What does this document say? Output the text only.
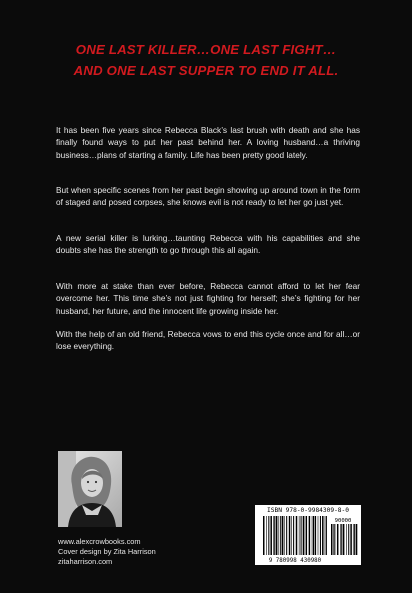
ONE LAST KILLER…ONE LAST FIGHT…
AND ONE LAST SUPPER TO END IT ALL.

It has been five years since Rebecca Black’s last brush with death and she has finally found ways to put her past behind her. A loving husband…a thriving business…plans of starting a family. Life has been pretty good lately.

But when specific scenes from her past begin showing up around town in the form of staged and posed corpses, she knows evil is not ready to let her go just yet.

A new serial killer is lurking…taunting Rebecca with his capabilities and she doubts she has the strength to go through this all again.

With more at stake than ever before, Rebecca cannot afford to let her fear overcome her. This time she’s not just fighting for herself; she’s fighting for her husband, her future, and the innocent life growing inside her.

With the help of an old friend, Rebecca vows to end this cycle once and for all…or lose everything.

www.alexcrowbooks.com
Cover design by Zita Harrison
zitaharrison.com
ISBN 978-0-9984309-8-0
90000
9 780998 430980
